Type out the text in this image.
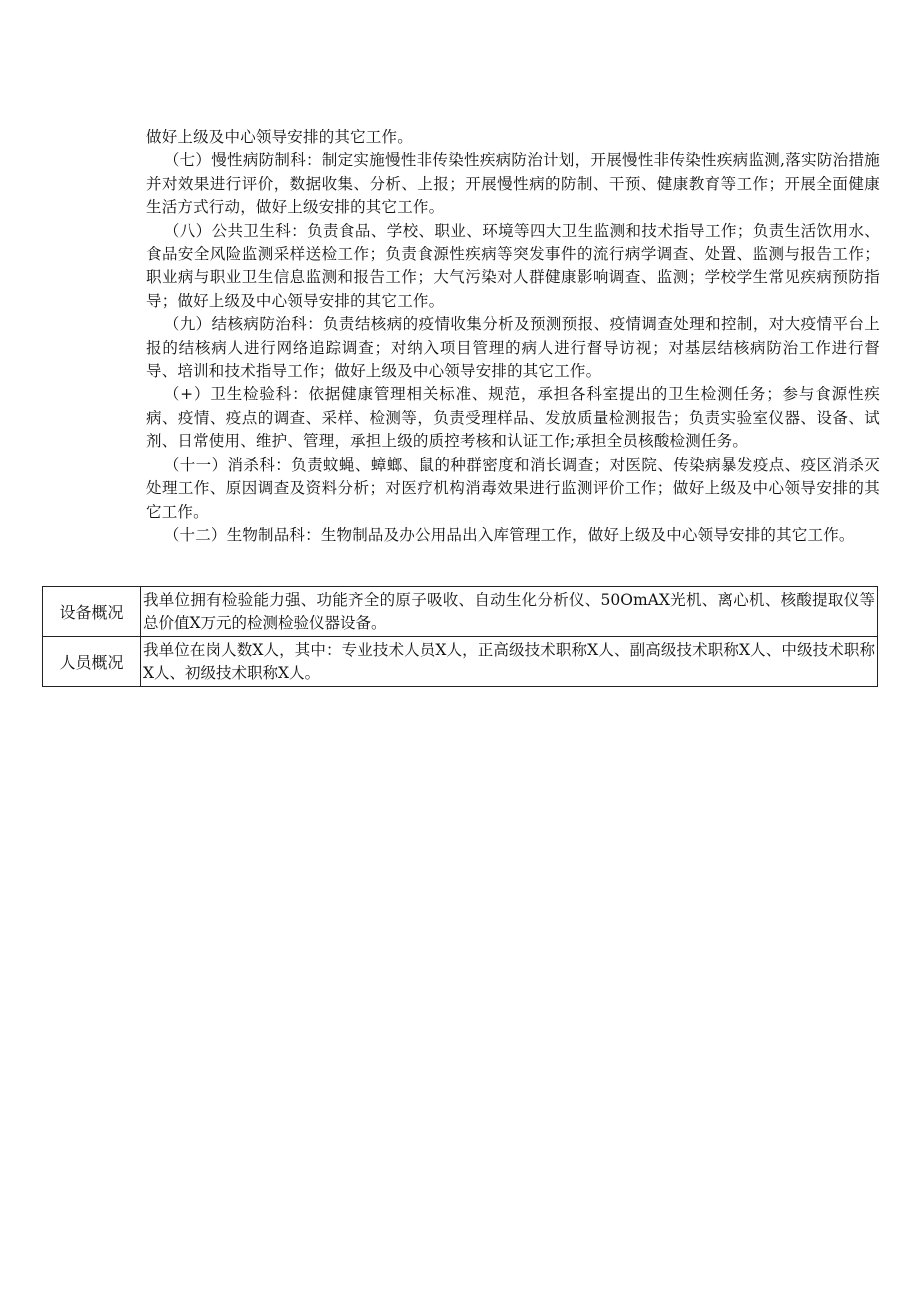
做好上级及中心领导安排的其它工作。

（七）慢性病防制科：制定实施慢性非传染性疾病防治计划，开展慢性非传染性疾病监测,落实防治措施并对效果进行评价，数据收集、分析、上报；开展慢性病的防制、干预、健康教育等工作；开展全面健康生活方式行动，做好上级安排的其它工作。

（八）公共卫生科：负责食品、学校、职业、环境等四大卫生监测和技术指导工作；负责生活饮用水、食品安全风险监测采样送检工作；负责食源性疾病等突发事件的流行病学调查、处置、监测与报告工作；职业病与职业卫生信息监测和报告工作；大气污染对人群健康影响调查、监测；学校学生常见疾病预防指导；做好上级及中心领导安排的其它工作。

（九）结核病防治科：负责结核病的疫情收集分析及预测预报、疫情调查处理和控制，对大疫情平台上报的结核病人进行网络追踪调查；对纳入项目管理的病人进行督导访视；对基层结核病防治工作进行督导、培训和技术指导工作；做好上级及中心领导安排的其它工作。

（+）卫生检验科：依据健康管理相关标准、规范，承担各科室提出的卫生检测任务；参与食源性疾病、疫情、疫点的调查、采样、检测等，负责受理样品、发放质量检测报告；负责实验室仪器、设备、试剂、日常使用、维护、管理，承担上级的质控考核和认证工作;承担全员核酸检测任务。

（十一）消杀科：负责蚊蝇、蟑螂、鼠的种群密度和消长调查；对医院、传染病暴发疫点、疫区消杀灭处理工作、原因调查及资料分析；对医疗机构消毒效果进行监测评价工作；做好上级及中心领导安排的其它工作。

（十二）生物制品科：生物制品及办公用品出入库管理工作，做好上级及中心领导安排的其它工作。

设备概况	我单位拥有检验能力强、功能齐全的原子吸收、自动生化分析仪、50OmAX光机、离心机、核酸提取仪等总价值X万元的检测检验仪器设备。
人员概况	我单位在岗人数X人，其中：专业技术人员X人，正高级技术职称X人、副高级技术职称X人、中级技术职称X人、初级技术职称X人。
